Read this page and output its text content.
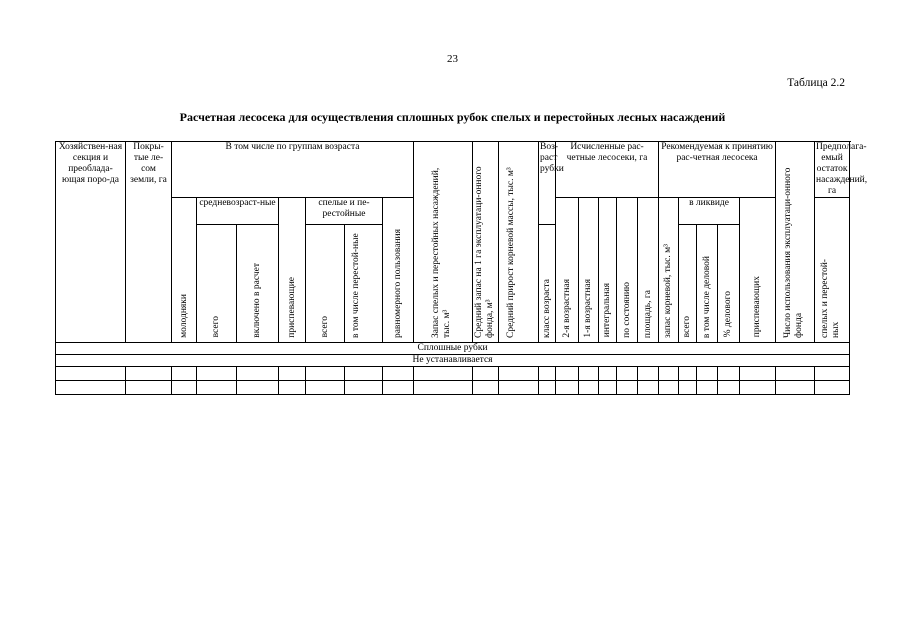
23
Таблица 2.2
Расчетная лесосека для осуществления сплошных рубок спелых и перестойных лесных насаждений
Хозяйствен-ная секция и преоблада-ющая поро-да	Покры-тые ле-сом земли, га	В том числе по группам возраста							Запас спелых и перестойных насаждений, тыс. м³	Средний запас на 1 га эксплуатаци-онного фонда, м³	Средний прирост корневой массы, тыс. м³	Воз-раст рубки	Исчисленные рас-четные лесосеки, га					Рекомендуемая к принятию рас-четная лесосека					Число использования эксплуатаци-онного фонда	Предполага-емый остаток насаждений, га
		молодняки	средневозраст-ные		приспевающие	спелые и пе-рестойные		равномерного пользования					2-я возрастная	1-я возрастная	интегральная	по состоянию	площадь, га	запас корневой, тыс. м³	в ликвиде			приспевающих		спелых и перестой-ных
			всего	включено в расчет		всего	в том числе перестой-ные					класс возраста							всего	в том числе деловой	% делового			
Сплошные рубки																								
Не устанавливается																								
